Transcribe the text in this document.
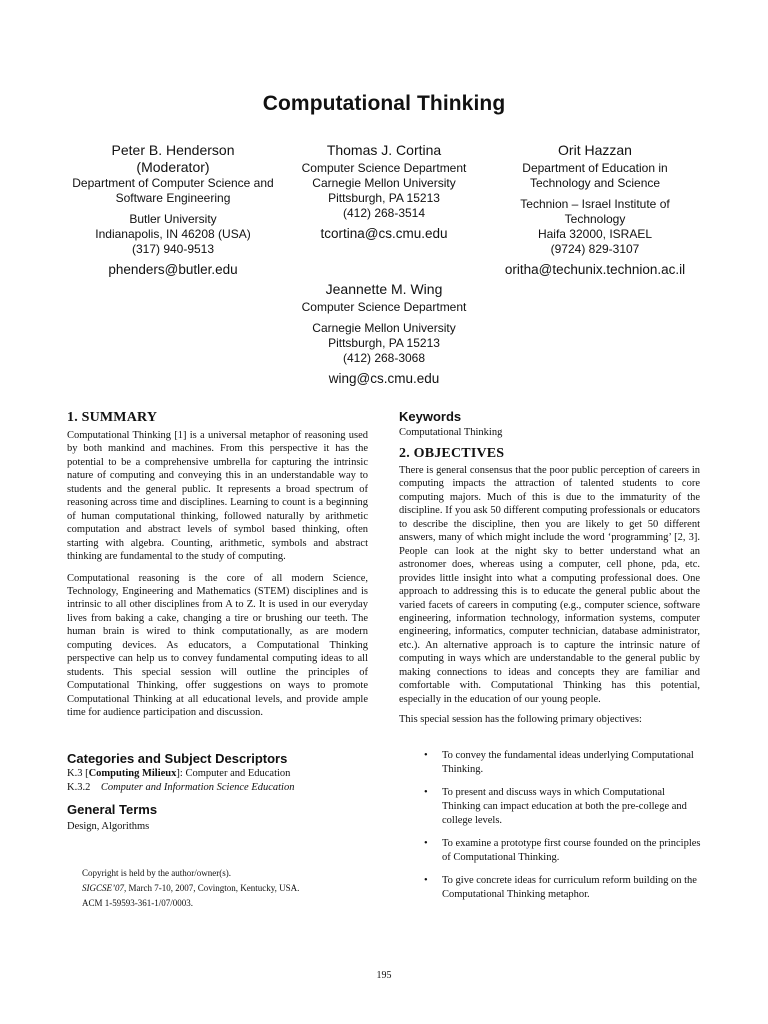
Computational Thinking
Peter B. Henderson
(Moderator)
Department of Computer Science and
Software Engineering
Butler University
Indianapolis, IN 46208 (USA)
(317) 940-9513
phenders@butler.edu
Thomas J. Cortina
Computer Science Department
Carnegie Mellon University
Pittsburgh, PA 15213
(412) 268-3514
tcortina@cs.cmu.edu
Orit Hazzan
Department of Education in
Technology and Science
Technion – Israel Institute of
Technology
Haifa 32000, ISRAEL
(9724) 829-3107
oritha@techunix.technion.ac.il
Jeannette M. Wing
Computer Science Department
Carnegie Mellon University
Pittsburgh, PA 15213
(412) 268-3068
wing@cs.cmu.edu
1. SUMMARY

Computational Thinking [1] is a universal metaphor of reasoning used by both mankind and machines. From this perspective it has the potential to be a comprehensive umbrella for capturing the intrinsic nature of computing and conveying this in an understandable way to students and the general public. It represents a broad spectrum of reasoning across time and disciplines. Learning to count is a beginning of human computational thinking, followed naturally by arithmetic computation and abstract levels of symbol based thinking, often starting with algebra. Counting, arithmetic, symbols and abstract thinking are fundamental to the study of computing.

Computational reasoning is the core of all modern Science, Technology, Engineering and Mathematics (STEM) disciplines and is intrinsic to all other disciplines from A to Z. It is used in our everyday lives from baking a cake, changing a tire or brushing our teeth. The human brain is wired to think computationally, as are modern computing devices. As educators, a Computational Thinking perspective can help us to convey fundamental computing ideas to all students. This special session will outline the principles of Computational Thinking, offer suggestions on ways to promote Computational Thinking at all educational levels, and provide ample time for audience participation and discussion.

Categories and Subject Descriptors
K.3 [Computing Milieux]: Computer and Education
K.3.2 Computer and Information Science Education
General Terms
Design, Algorithms
Copyright is held by the author/owner(s).
SIGCSE’07, March 7-10, 2007, Covington, Kentucky, USA.
ACM 1-59593-361-1/07/0003.
Keywords
Computational Thinking
2. OBJECTIVES

There is general consensus that the poor public perception of careers in computing impacts the attraction of talented students to core computing majors. Much of this is due to the immaturity of the discipline. If you ask 50 different computing professionals or educators to describe the discipline, then you are likely to get 50 different answers, many of which might include the word ‘programming’ [2, 3]. People can look at the night sky to better understand what an astronomer does, whereas using a computer, cell phone, pda, etc. provides little insight into what a computing professional does. One approach to addressing this is to educate the general public about the varied facets of careers in computing (e.g., computer science, software engineering, information technology, information systems, computer engineering, informatics, computer technician, database administrator, etc.). An alternative approach is to capture the intrinsic nature of computing in ways which are understandable to the general public by making connections to ideas and concepts they are familiar and comfortable with. Computational Thinking has this potential, especially in the education of our young people.

This special session has the following primary objectives:

• To convey the fundamental ideas underlying Computational Thinking.
• To present and discuss ways in which Computational Thinking can impact education at both the pre-college and college levels.
• To examine a prototype first course founded on the principles of Computational Thinking.
• To give concrete ideas for curriculum reform building on the Computational Thinking metaphor.
195
